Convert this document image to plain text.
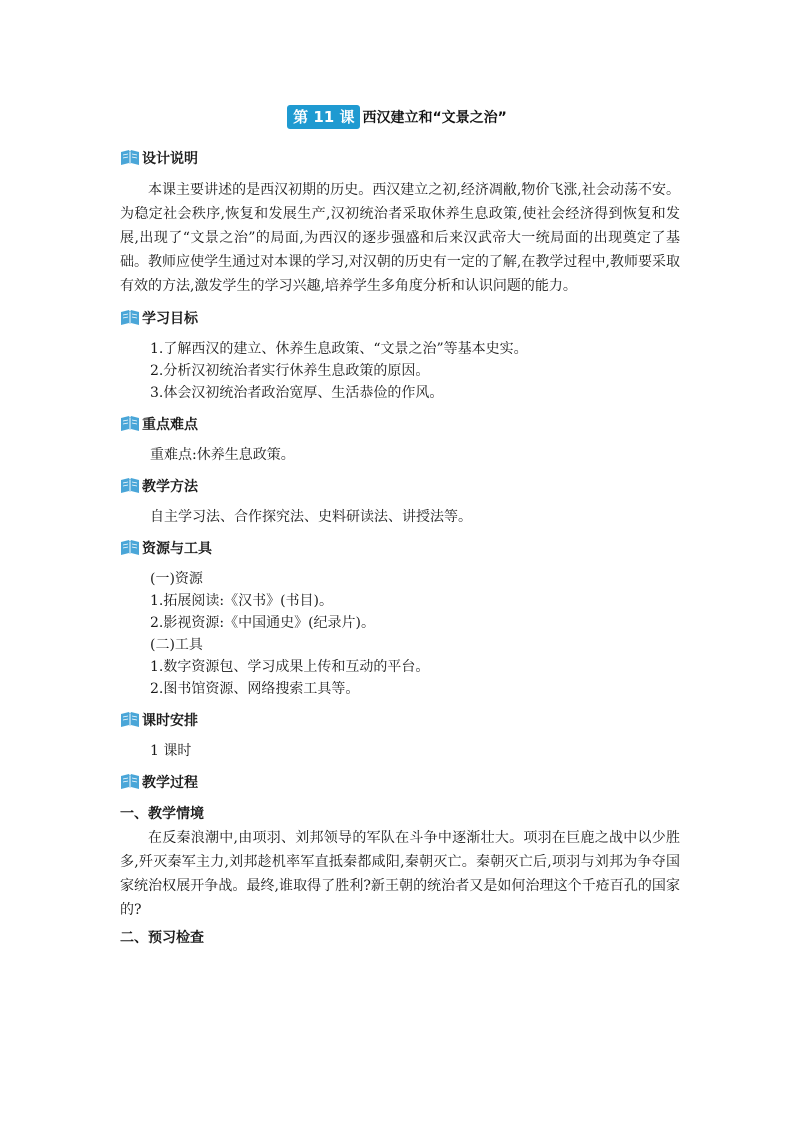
第 11 课 西汉建立和“文景之治”
设计说明

本课主要讲述的是西汉初期的历史。西汉建立之初,经济凋敝,物价飞涨,社会动荡不安。为稳定社会秩序,恢复和发展生产,汉初统治者采取休养生息政策,使社会经济得到恢复和发展,出现了“文景之治”的局面,为西汉的逐步强盛和后来汉武帝大一统局面的出现奠定了基础。教师应使学生通过对本课的学习,对汉朝的历史有一定的了解,在教学过程中,教师要采取有效的方法,激发学生的学习兴趣,培养学生多角度分析和认识问题的能力。

学习目标

1.了解西汉的建立、休养生息政策、“文景之治”等基本史实。

2.分析汉初统治者实行休养生息政策的原因。

3.体会汉初统治者政治宽厚、生活恭俭的作风。

重点难点

重难点:休养生息政策。

教学方法

自主学习法、合作探究法、史料研读法、讲授法等。

资源与工具

(一)资源

1.拓展阅读:《汉书》(书目)。

2.影视资源:《中国通史》(纪录片)。

(二)工具

1.数字资源包、学习成果上传和互动的平台。

2.图书馆资源、网络搜索工具等。

课时安排

1 课时

教学过程

一、教学情境

在反秦浪潮中,由项羽、刘邦领导的军队在斗争中逐渐壮大。项羽在巨鹿之战中以少胜多,歼灭秦军主力,刘邦趁机率军直抵秦都咸阳,秦朝灭亡。秦朝灭亡后,项羽与刘邦为争夺国家统治权展开争战。最终,谁取得了胜利?新王朝的统治者又是如何治理这个千疮百孔的国家的?

二、预习检查
